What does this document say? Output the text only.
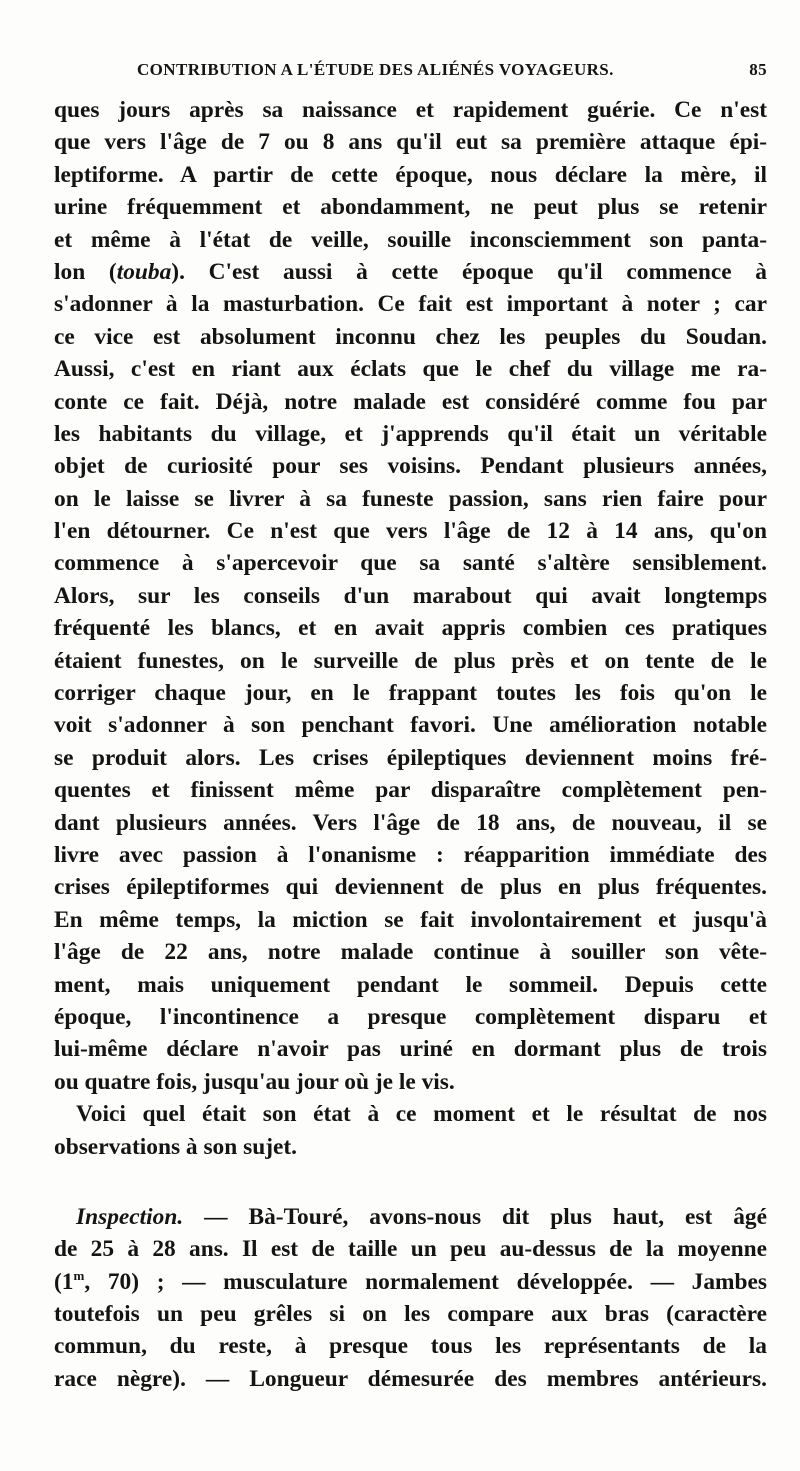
CONTRIBUTION A L'ÉTUDE DES ALIÉNÉS VOYAGEURS.	85
ques jours après sa naissance et rapidement guérie. Ce n'est
que vers l'âge de 7 ou 8 ans qu'il eut sa première attaque épi-
leptiforme. A partir de cette époque, nous déclare la mère, il
urine fréquemment et abondamment, ne peut plus se retenir
et même à l'état de veille, souille inconsciemment son panta-
lon (touba). C'est aussi à cette époque qu'il commence à
s'adonner à la masturbation. Ce fait est important à noter ; car
ce vice est absolument inconnu chez les peuples du Soudan.
Aussi, c'est en riant aux éclats que le chef du village me ra-
conte ce fait. Déjà, notre malade est considéré comme fou par
les habitants du village, et j'apprends qu'il était un véritable
objet de curiosité pour ses voisins. Pendant plusieurs années,
on le laisse se livrer à sa funeste passion, sans rien faire pour
l'en détourner. Ce n'est que vers l'âge de 12 à 14 ans, qu'on
commence à s'apercevoir que sa santé s'altère sensiblement.
Alors, sur les conseils d'un marabout qui avait longtemps
fréquenté les blancs, et en avait appris combien ces pratiques
étaient funestes, on le surveille de plus près et on tente de le
corriger chaque jour, en le frappant toutes les fois qu'on le
voit s'adonner à son penchant favori. Une amélioration notable
se produit alors. Les crises épileptiques deviennent moins fré-
quentes et finissent même par disparaître complètement pen-
dant plusieurs années. Vers l'âge de 18 ans, de nouveau, il se
livre avec passion à l'onanisme : réapparition immédiate des
crises épileptiformes qui deviennent de plus en plus fréquentes.
En même temps, la miction se fait involontairement et jusqu'à
l'âge de 22 ans, notre malade continue à souiller son vête-
ment, mais uniquement pendant le sommeil. Depuis cette
époque, l'incontinence a presque complètement disparu et
lui-même déclare n'avoir pas uriné en dormant plus de trois
ou quatre fois, jusqu'au jour où je le vis.
Voici quel était son état à ce moment et le résultat de nos
observations à son sujet.
Inspection. — Bà-Touré, avons-nous dit plus haut, est âgé
de 25 à 28 ans. Il est de taille un peu au-dessus de la moyenne
(1$^m$, 70) ; — musculature normalement développée. — Jambes
toutefois un peu grêles si on les compare aux bras (caractère
commun, du reste, à presque tous les représentants de la
race nègre). — Longueur démesurée des membres antérieurs.
